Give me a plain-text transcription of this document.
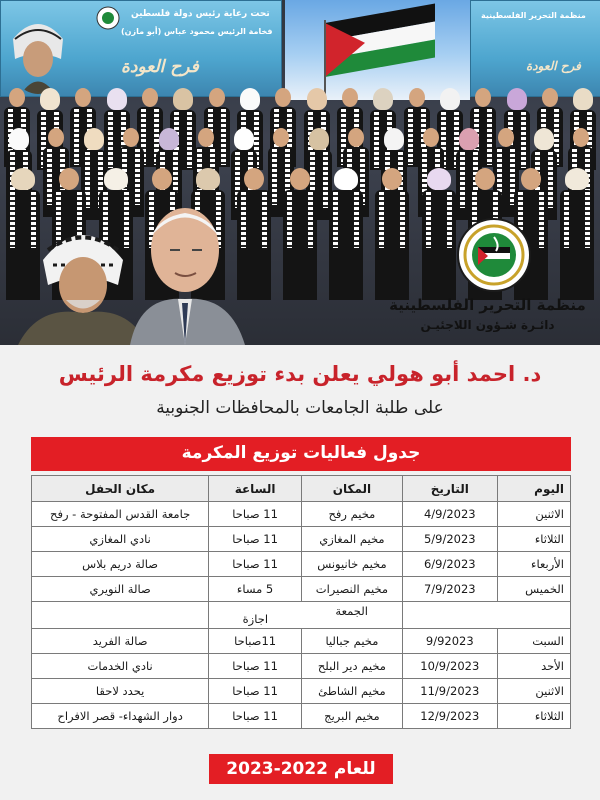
تحت رعاية رئيس دولة فلسطين
فخامة الرئيس محمود عباس (أبو مازن)
فرح العودة
منظمة التحرير الفلسطينية
فرح العودة
منظمة التحرير الفلسطينية
دائـرة شـؤون اللاجئيـن
د. احمد أبو هولي يعلن بدء توزيع مكرمة الرئيس
على طلبة الجامعات بالمحافظات الجنوبية
جدول فعاليات توزيع المكرمة
اليوم	التاريخ	المكان	الساعة	مكان الحفل
الاثنين	4/9/2023	مخيم رفح	11 صباحا	جامعة القدس المفتوحة - رفح
الثلاثاء	5/9/2023	مخيم المغازي	11 صباحا	نادي المغازي
الأربعاء	6/9/2023	مخيم خانيونس	11 صباحا	صالة دريم بلاس
الخميس	7/9/2023	مخيم النصيرات	5 مساء	صالة النويري
		الجمعة	اجازة	
السبت	9/92023	مخيم جباليا	11صباحا	صالة الفريد
الأحد	10/9/2023	مخيم دير البلح	11 صباحا	نادي الخدمات
الاثنين	11/9/2023	مخيم الشاطئ	11 صباحا	يحدد لاحقا
الثلاثاء	12/9/2023	مخيم البريج	11 صباحا	دوار الشهداء- قصر الافراح
للعام 2022-2023
